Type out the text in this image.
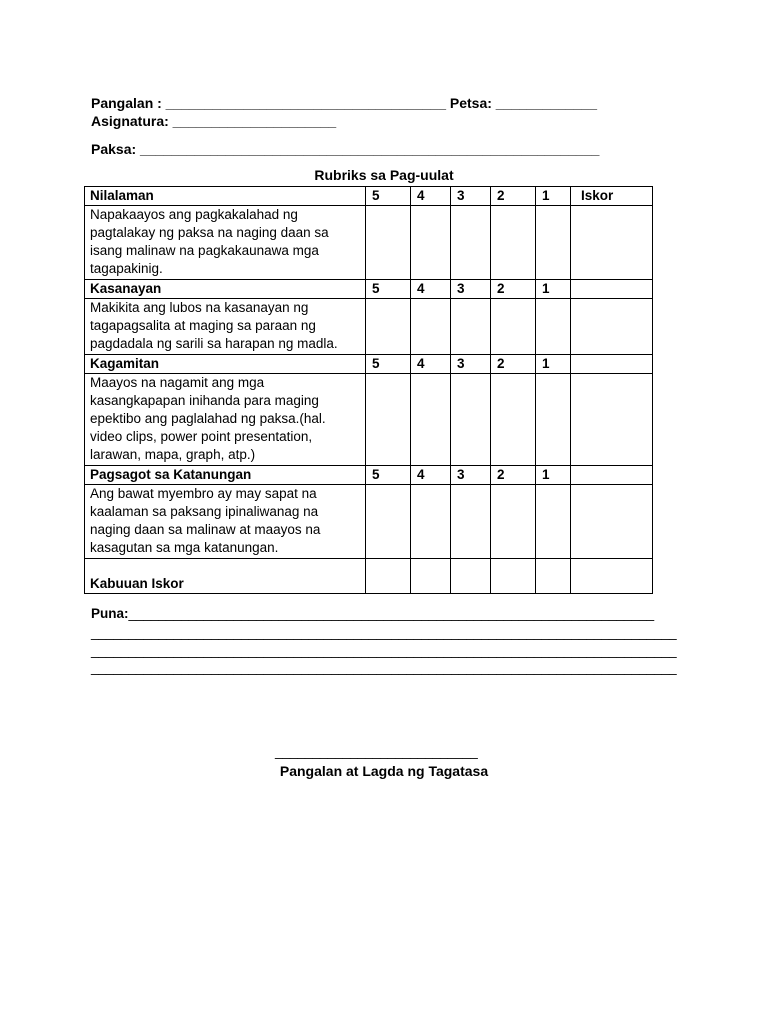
Pangalan : ____________________________________ Petsa: _____________
Asignatura: _____________________
Paksa: ___________________________________________________________
Rubriks sa Pag-uulat
Nilalaman	5	4	3	2	1	Iskor
Napakaayos ang pagkakalahad ng pagtalakay ng paksa na naging daan sa isang malinaw na pagkakaunawa mga tagapakinig.						
Kasanayan	5	4	3	2	1	
Makikita ang lubos na kasanayan ng tagapagsalita at maging sa paraan ng pagdadala ng sarili sa harapan ng madla.						
Kagamitan	5	4	3	2	1	
Maayos na nagamit ang mga kasangkapapan inihanda para maging epektibo ang paglalahad ng paksa.(hal. video clips, power point presentation, larawan, mapa, graph, atp.)						
Pagsagot sa Katanungan	5	4	3	2	1	
Ang bawat myembro ay may sapat na kaalaman sa paksang ipinaliwanag na naging daan sa malinaw at maayos na kasagutan sa mga katanungan.						
Kabuuan Iskor						
Puna:______________________________________________________________________
______________________________________________________________________________
______________________________________________________________________________
______________________________________________________________________________
___________________________
Pangalan at Lagda ng Tagatasa
